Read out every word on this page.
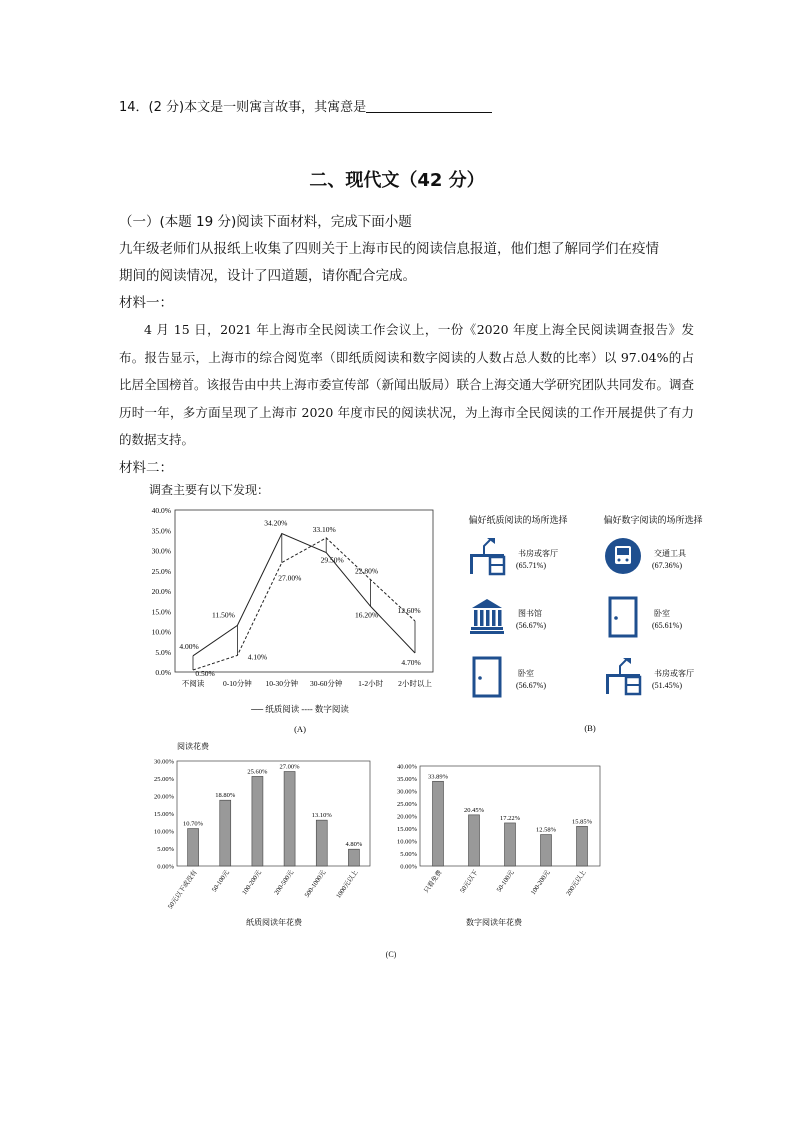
14．(2 分)本文是一则寓言故事，其寓意是
二、现代文（42 分）
（一）(本题 19 分)阅读下面材料，完成下面小题
九年级老师们从报纸上收集了四则关于上海市民的阅读信息报道，他们想了解同学们在疫情
期间的阅读情况，设计了四道题，请你配合完成。
材料一：
4 月 15 日，2021 年上海市全民阅读工作会议上，一份《2020 年度上海全民阅读调查报告》发布。报告显示，上海市的综合阅览率（即纸质阅读和数字阅读的人数占总人数的比率）以 97.04%的占比居全国榜首。该报告由中共上海市委宣传部（新闻出版局）联合上海交通大学研究团队共同发布。调查历时一年，多方面呈现了上海市 2020 年度市民的阅读状况，为上海市全民阅读的工作开展提供了有力的数据支持。
材料二：
调查主要有以下发现：
0.0%
5.0%
10.0%
15.0%
20.0%
25.0%
30.0%
35.0%
40.0%
不阅读	0-10分钟 10-30分钟 30-60分钟 1-2小时 2小时以上
4.00%
11.50%
34.20%
29.50%
16.20%
4.70%
0.50%
4.10%
27.00%
33.10%
22.80%
12.60%
── 纸质阅读 ---- 数字阅读
(A)
偏好纸质阅读的场所选择	偏好数字阅读的场所选择
书房或客厅
(65.71%)
图书馆
(56.67%)
卧室
(56.67%)
交通工具
(67.36%)
卧室
(65.61%)
书房或客厅
(51.45%)
(B)
阅读花费
0.00%
5.00%
10.00%
15.00%
20.00%
25.00%
30.00%
10.70%
50元以下或没有
18.80%
50-100元
25.60%
100-200元
27.00%
200-500元
13.10%
500-1000元
4.80%
1000元以上
纸质阅读年花费
0.00%
5.00%
10.00%
15.00%
20.00%
25.00%
30.00%
35.00%
40.00%
33.89%
只看免费
20.45%
50元以下
17.22%
50-100元
12.58%
100-200元
15.85%
200元以上
数字阅读年花费
(C)
